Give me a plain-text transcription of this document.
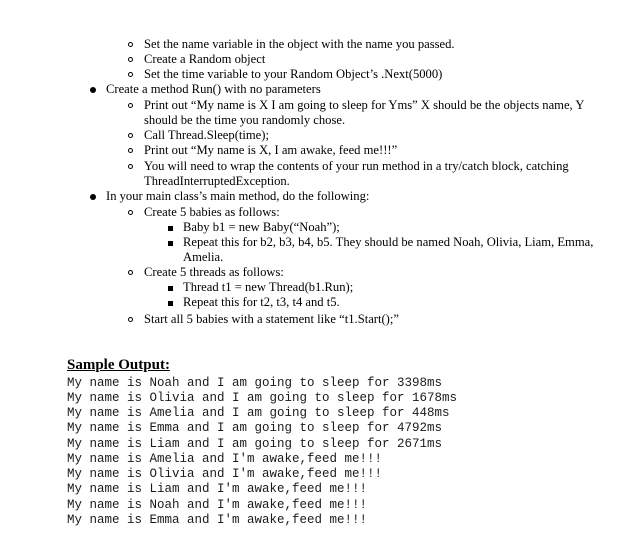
Set the name variable in the object with the name you passed.
Create a Random object
Set the time variable to your Random Object’s .Next(5000)
Create a method Run() with no parameters
Print out “My name is X I am going to sleep for Yms” X should be the objects name, Y
should be the time you randomly chose.
Call Thread.Sleep(time);
Print out “My name is X, I am awake, feed me!!!”
You will need to wrap the contents of your run method in a try/catch block, catching
ThreadInterruptedException.
In your main class’s main method, do the following:
Create 5 babies as follows:
Baby b1 = new Baby(“Noah”);
Repeat this for b2, b3, b4, b5. They should be named Noah, Olivia, Liam, Emma,
Amelia.
Create 5 threads as follows:
Thread t1 = new Thread(b1.Run);
Repeat this for t2, t3, t4 and t5.
Start all 5 babies with a statement like “t1.Start();”
Sample Output:
My name is Noah and I am going to sleep for 3398ms
My name is Olivia and I am going to sleep for 1678ms
My name is Amelia and I am going to sleep for 448ms
My name is Emma and I am going to sleep for 4792ms
My name is Liam and I am going to sleep for 2671ms
My name is Amelia and I'm awake,feed me!!!
My name is Olivia and I'm awake,feed me!!!
My name is Liam and I'm awake,feed me!!!
My name is Noah and I'm awake,feed me!!!
My name is Emma and I'm awake,feed me!!!
